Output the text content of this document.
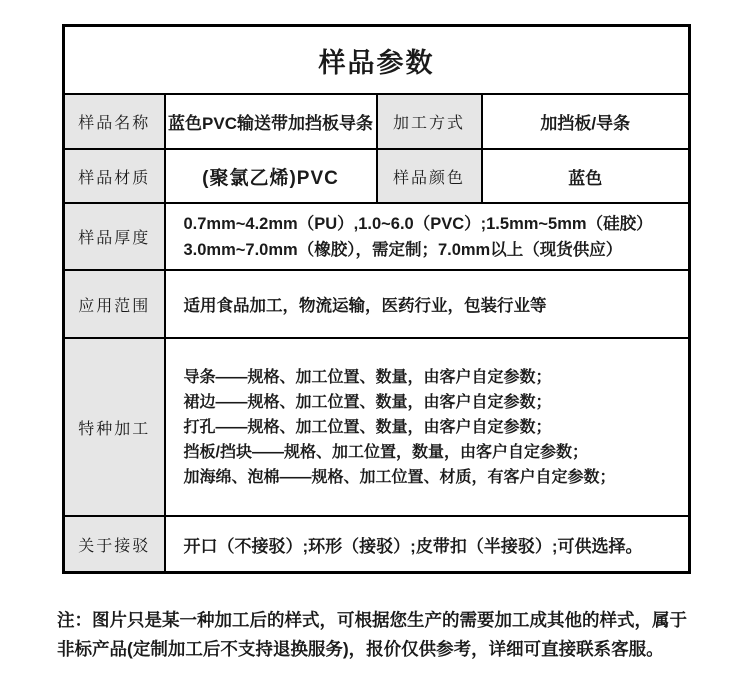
样品参数			
样品名称	蓝色PVC输送带加挡板导条	加工方式	加挡板/导条
样品材质	(聚氯乙烯)PVC	样品颜色	蓝色
样品厚度	0.7mm~4.2mm（PU）,1.0~6.0（PVC）;1.5mm~5mm（硅胶）
3.0mm~7.0mm（橡胶），需定制；7.0mm以上（现货供应）		

应用范围	适用食品加工，物流运输，医药行业，包装行业等		
特种加工	导条——规格、加工位置、数量，由客户自定参数；
裙边——规格、加工位置、数量，由客户自定参数；
打孔——规格、加工位置、数量，由客户自定参数；
挡板/挡块——规格、加工位置，数量，由客户自定参数；
加海绵、泡棉——规格、加工位置、材质，有客户自定参数；		

关于接驳	开口（不接驳）;环形（接驳）;皮带扣（半接驳）;可供选择。		

注：图片只是某一种加工后的样式，可根据您生产的需要加工成其他的样式，属于非标产品(定制加工后不支持退换服务)，报价仅供参考，详细可直接联系客服。
